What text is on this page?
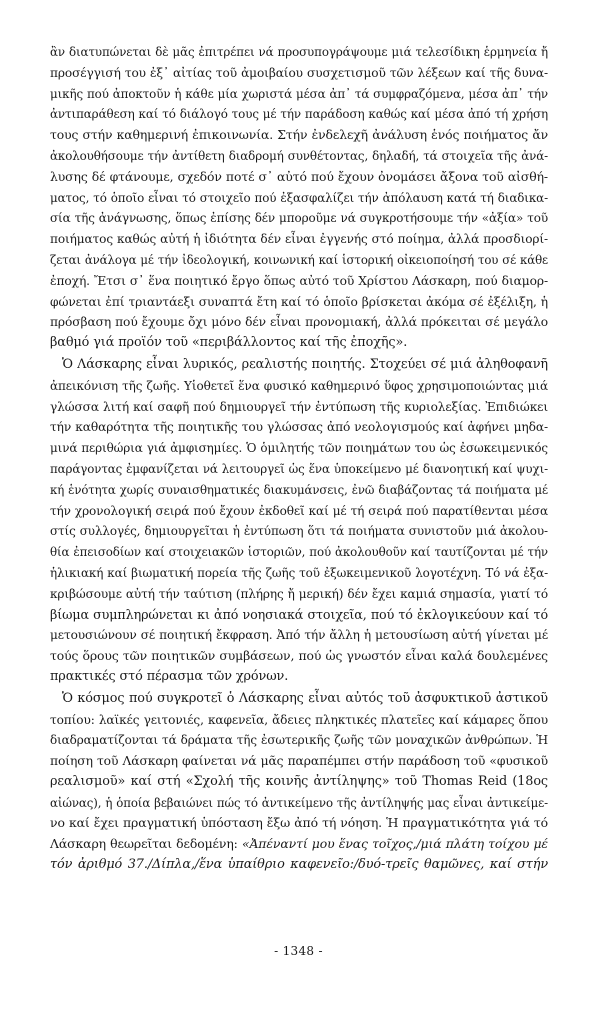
ἂν διατυπώνεται δὲ μᾶς ἐπιτρέπει νά προσυπογράψουμε μιά τελεσίδικη ἑρμηνεία ἤ
προσέγγισή του ἐξ᾽ αἰτίας τοῦ ἀμοιβαίου συσχετισμοῦ τῶν λέξεων καί τῆς δυνα-
μικῆς πού ἀποκτοῦν ἡ κάθε μία χωριστά μέσα ἀπ᾽ τά συμφραζόμενα, μέσα ἀπ᾽ τήν
ἀντιπαράθεση καί τό διάλογό τους μέ τήν παράδοση καθώς καί μέσα ἀπό τή χρήση
τους στήν καθημερινή ἐπικοινωνία. Στήν ἐνδελεχῆ ἀνάλυση ἑνός ποιήματος ἄν
ἀκολουθήσουμε τήν ἀντίθετη διαδρομή συνθέτοντας, δηλαδή, τά στοιχεῖα τῆς ἀνά-
λυσης δέ φτάνουμε, σχεδόν ποτέ σ᾽ αὐτό πού ἔχουν ὀνομάσει ἄξονα τοῦ αἰσθή-
ματος, τό ὁποῖο εἶναι τό στοιχεῖο πού ἐξασφαλίζει τήν ἀπόλαυση κατά τή διαδικα-
σία τῆς ἀνάγνωσης, ὅπως ἐπίσης δέν μποροῦμε νά συγκροτήσουμε τήν «ἀξία» τοῦ
ποιήματος καθώς αὐτή ἡ ἰδιότητα δέν εἶναι ἐγγενής στό ποίημα, ἀλλά προσδιορί-
ζεται ἀνάλογα μέ τήν ἰδεολογική, κοινωνική καί ἱστορική οἰκειοποίησή του σέ κάθε
ἐποχή. Ἔτσι σ᾽ ἕνα ποιητικό ἔργο ὅπως αὐτό τοῦ Χρίστου Λάσκαρη, πού διαμορ-
φώνεται ἐπί τριαντάεξι συναπτά ἔτη καί τό ὁποῖο βρίσκεται ἀκόμα σέ ἐξέλιξη, ἡ
πρόσβαση πού ἔχουμε ὄχι μόνο δέν εἶναι προνομιακή, ἀλλά πρόκειται σέ μεγάλο
βαθμό γιά προϊόν τοῦ «περιβάλλοντος καί τῆς ἐποχῆς».
Ὁ Λάσκαρης εἶναι λυρικός, ρεαλιστής ποιητής. Στοχεύει σέ μιά ἀληθοφανῆ
ἀπεικόνιση τῆς ζωῆς. Υἱοθετεῖ ἕνα φυσικό καθημερινό ὕφος χρησιμοποιώντας μιά
γλώσσα λιτή καί σαφῆ πού δημιουργεῖ τήν ἐντύπωση τῆς κυριολεξίας. Ἐπιδιώκει
τήν καθαρότητα τῆς ποιητικῆς του γλώσσας ἀπό νεολογισμούς καί ἀφήνει μηδα-
μινά περιθώρια γιά ἀμφισημίες. Ὁ ὁμιλητής τῶν ποιημάτων του ὡς ἐσωκειμενικός
παράγοντας ἐμφανίζεται νά λειτουργεῖ ὡς ἕνα ὑποκείμενο μέ διανοητική καί ψυχι-
κή ἑνότητα χωρίς συναισθηματικές διακυμάνσεις, ἐνῶ διαβάζοντας τά ποιήματα μέ
τήν χρονολογική σειρά πού ἔχουν ἐκδοθεῖ καί μέ τή σειρά πού παρατίθενται μέσα
στίς συλλογές, δημιουργεῖται ἡ ἐντύπωση ὅτι τά ποιήματα συνιστοῦν μιά ἀκολου-
θία ἐπεισοδίων καί στοιχειακῶν ἱστοριῶν, πού ἀκολουθοῦν καί ταυτίζονται μέ τήν
ἡλικιακή καί βιωματική πορεία τῆς ζωῆς τοῦ ἐξωκειμενικοῦ λογοτέχνη. Τό νά ἐξα-
κριβώσουμε αὐτή τήν ταύτιση (πλήρης ἤ μερική) δέν ἔχει καμιά σημασία, γιατί τό
βίωμα συμπληρώνεται κι ἀπό νοησιακά στοιχεῖα, πού τό ἐκλογικεύουν καί τό
μετουσιώνουν σέ ποιητική ἔκφραση. Ἀπό τήν ἄλλη ἡ μετουσίωση αὐτή γίνεται μέ
τούς ὅρους τῶν ποιητικῶν συμβάσεων, πού ὡς γνωστόν εἶναι καλά δουλεμένες
πρακτικές στό πέρασμα τῶν χρόνων.
Ὁ κόσμος πού συγκροτεῖ ὁ Λάσκαρης εἶναι αὐτός τοῦ ἀσφυκτικοῦ ἀστικοῦ
τοπίου: λαϊκές γειτονιές, καφενεῖα, ἄδειες πληκτικές πλατεῖες καί κάμαρες ὅπου
διαδραματίζονται τά δράματα τῆς ἐσωτερικῆς ζωῆς τῶν μοναχικῶν ἀνθρώπων. Ἡ
ποίηση τοῦ Λάσκαρη φαίνεται νά μᾶς παραπέμπει στήν παράδοση τοῦ «φυσικοῦ
ρεαλισμοῦ» καί στή «Σχολή τῆς κοινῆς ἀντίληψης» τοῦ Thomas Reid (18ος
αἰώνας), ἡ ὁποία βεβαιώνει πώς τό ἀντικείμενο τῆς ἀντίληψής μας εἶναι ἀντικείμε-
νο καί ἔχει πραγματική ὑπόσταση ἔξω ἀπό τή νόηση. Ἡ πραγματικότητα γιά τό
Λάσκαρη θεωρεῖται δεδομένη: «Ἀπέναντί μου ἕνας τοῖχος,/μιά πλάτη τοίχου μέ
τόν ἀριθμό 37./Δίπλα,/ἕνα ὑπαίθριο καφενεῖο:/δυό-τρεῖς θαμῶνες, καί στήν
- 1348 -
